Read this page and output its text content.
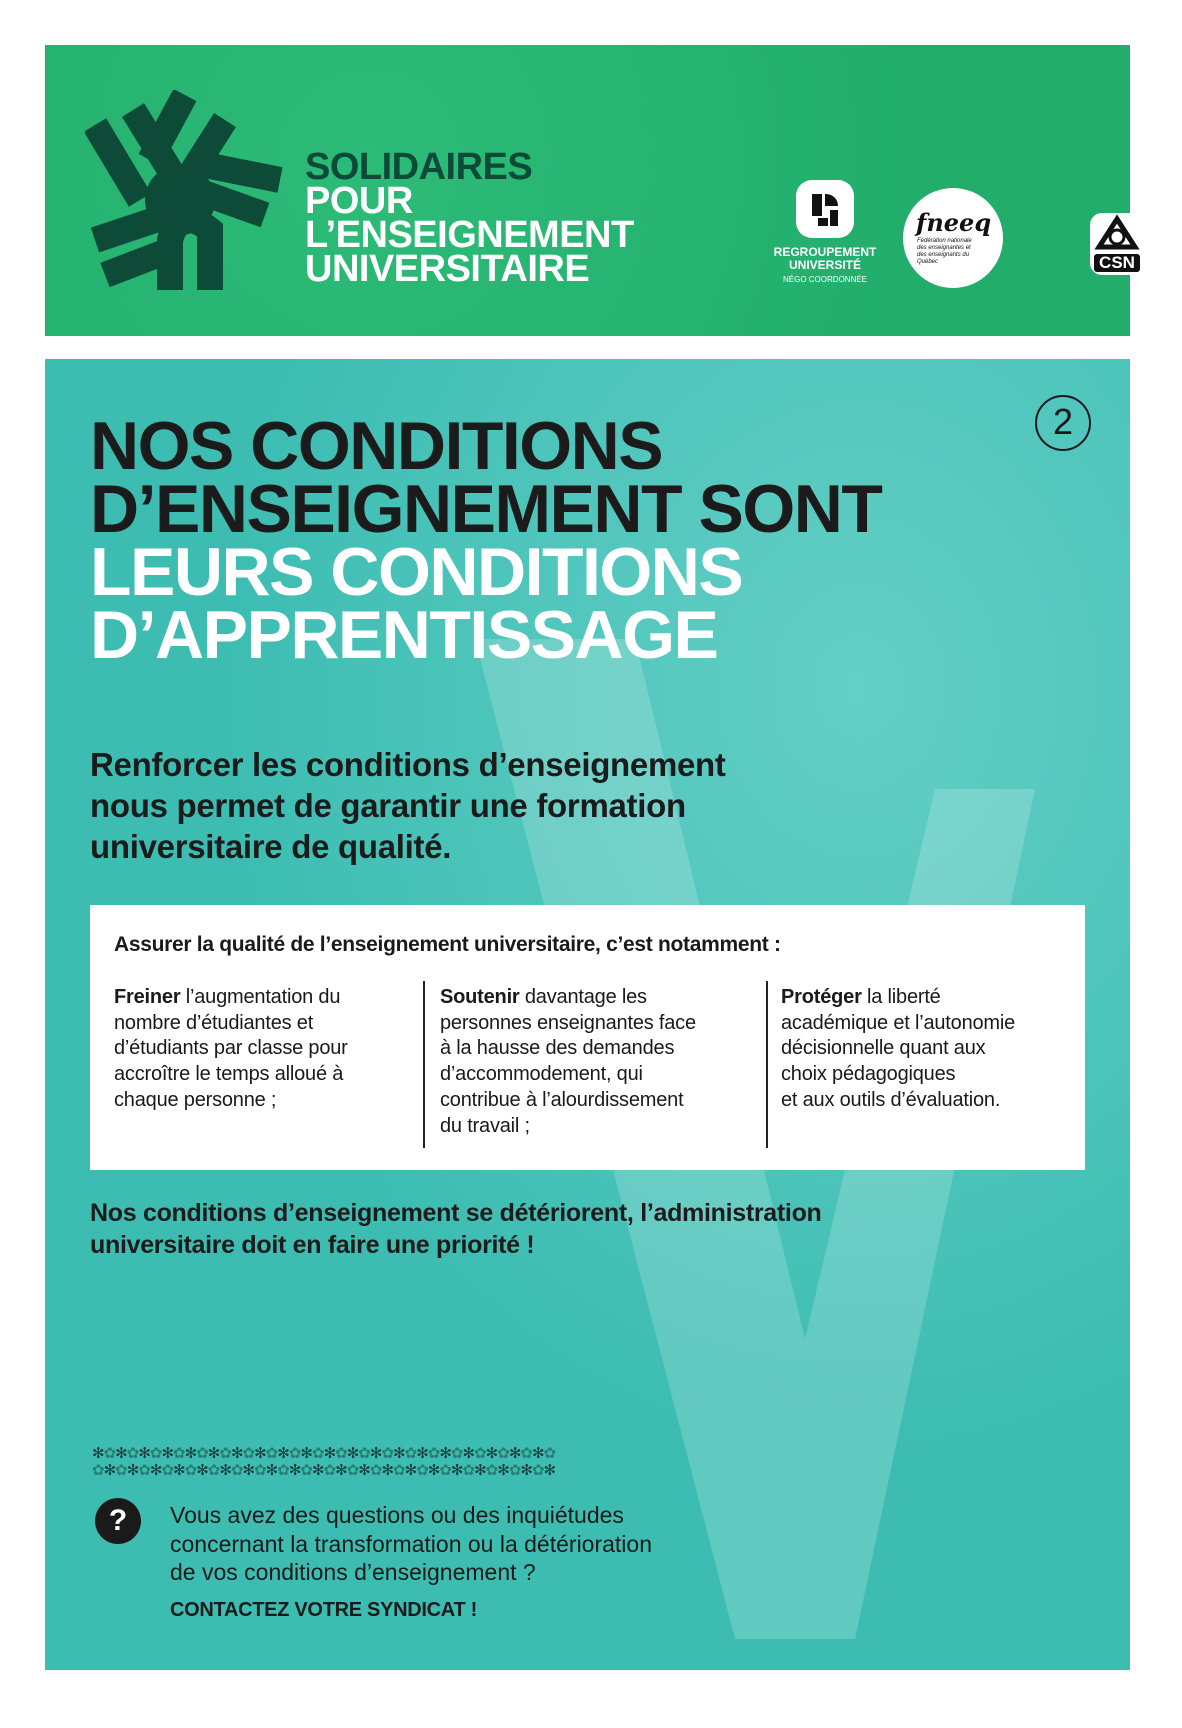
SOLIDAIRES
POUR
L’ENSEIGNEMENT
UNIVERSITAIRE	REGROUPEMENT
UNIVERSITÉ
NÉGO COORDONNÉE
fneeq
Fédération nationale des enseignantes et des enseignants du Québec	CSN
2
NOS CONDITIONS
D’ENSEIGNEMENT SONT
LEURS CONDITIONS
D’APPRENTISSAGE
Renforcer les conditions d’enseignement
nous permet de garantir une formation
universitaire de qualité.
Assurer la qualité de l’enseignement universitaire, c’est notamment :
Freiner l’augmentation du
nombre d’étudiantes et
d’étudiants par classe pour
accroître le temps alloué à
chaque personne ;
Soutenir davantage les
personnes enseignantes face
à la hausse des demandes
d’accommodement, qui
contribue à l’alourdissement
du travail ;
Protéger la liberté
académique et l’autonomie
décisionnelle quant aux
choix pédagogiques
et aux outils d’évaluation.
Nos conditions d’enseignement se détériorent, l’administration
universitaire doit en faire une priorité !
✻✿✻✿✻✿✻✿✻✿✻✿✻✿✻✿✻✿✻✿✻✿✻✿✻✿✻✿✻✿✻✿✻✿✻✿✻✿✻✿
✿✻✿✻✿✻✿✻✿✻✿✻✿✻✿✻✿✻✿✻✿✻✿✻✿✻✿✻✿✻✿✻✿✻✿✻✿✻✿✻
?	Vous avez des questions ou des inquiétudes
concernant la transformation ou la détérioration
de vos conditions d’enseignement ?
CONTACTEZ VOTRE SYNDICAT !
